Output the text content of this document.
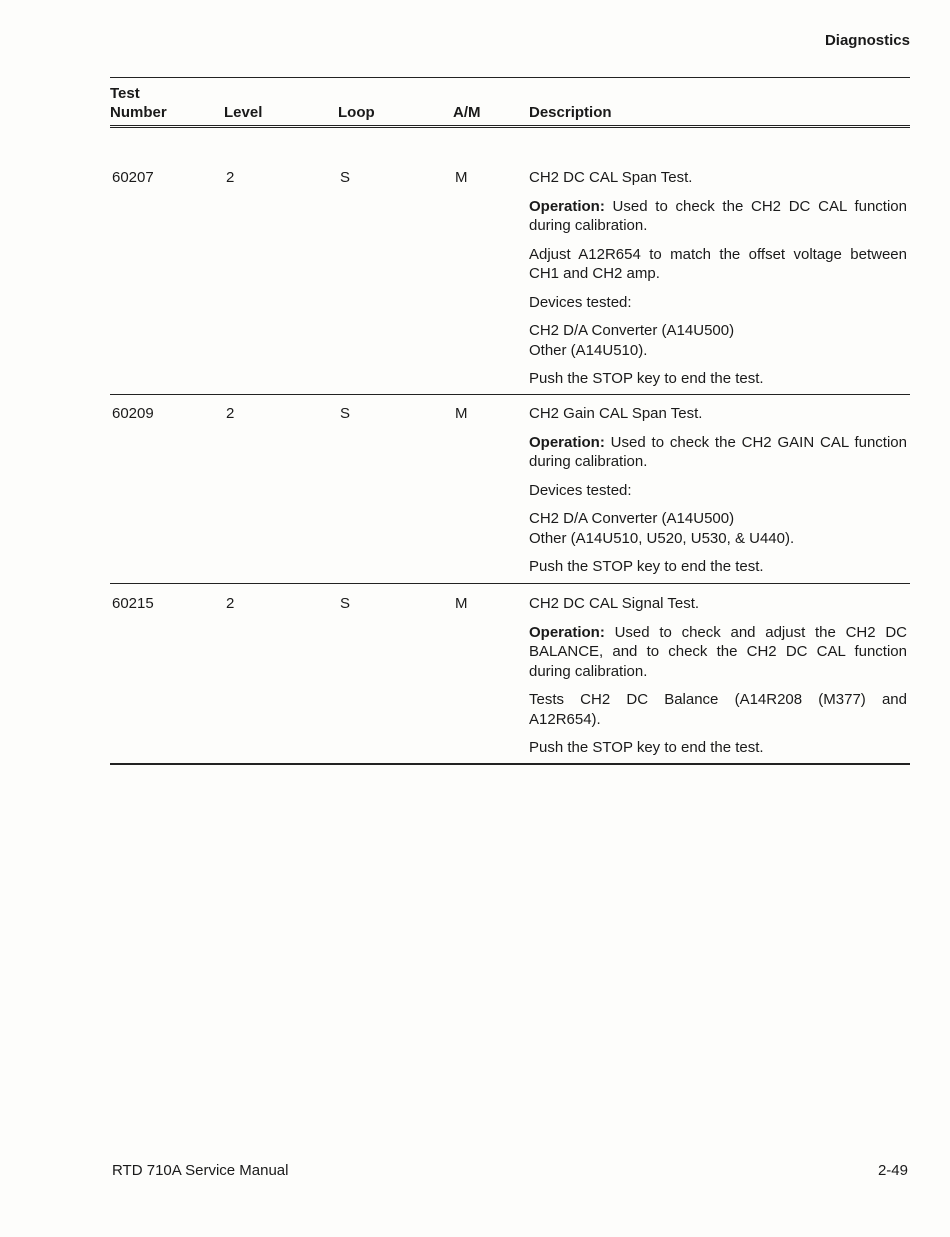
Diagnostics
Test
Number	Level	Loop	A/M	Description
60207	2	S	M	CH2 DC CAL Span Test.

Operation: Used to check the CH2 DC CAL function during calibration.

Adjust A12R654 to match the offset voltage between CH1 and CH2 amp.

Devices tested:

CH2 D/A Converter (A14U500)
Other (A14U510).

Push the STOP key to end the test.

60209	2	S	M	CH2 Gain CAL Span Test.

Operation: Used to check the CH2 GAIN CAL function during calibration.

Devices tested:

CH2 D/A Converter (A14U500)
Other (A14U510, U520, U530, & U440).

Push the STOP key to end the test.

60215	2	S	M	CH2 DC CAL Signal Test.

Operation: Used to check and adjust the CH2 DC BALANCE, and to check the CH2 DC CAL function during calibration.

Tests CH2 DC Balance (A14R208 (M377) and A12R654).

Push the STOP key to end the test.

RTD 710A Service Manual	2-49
